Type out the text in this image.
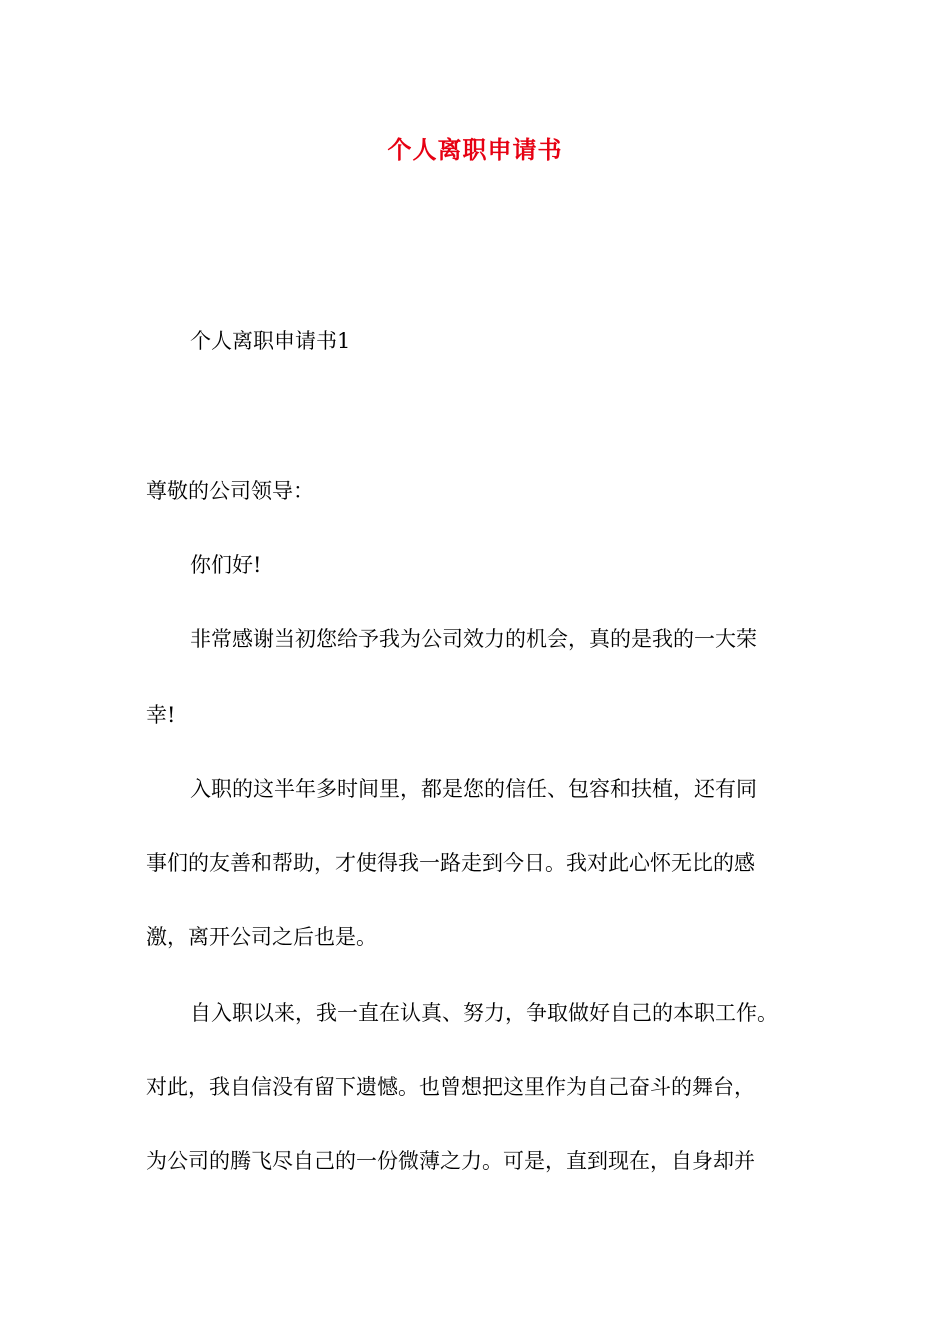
个人离职申请书
个人离职申请书1
尊敬的公司领导：
你们好!
非常感谢当初您给予我为公司效力的机会，真的是我的一大荣
幸!
入职的这半年多时间里，都是您的信任、包容和扶植，还有同
事们的友善和帮助，才使得我一路走到今日。我对此心怀无比的感
激，离开公司之后也是。
自入职以来，我一直在认真、努力，争取做好自己的本职工作。
对此，我自信没有留下遗憾。也曾想把这里作为自己奋斗的舞台，
为公司的腾飞尽自己的一份微薄之力。可是，直到现在，自身却并
